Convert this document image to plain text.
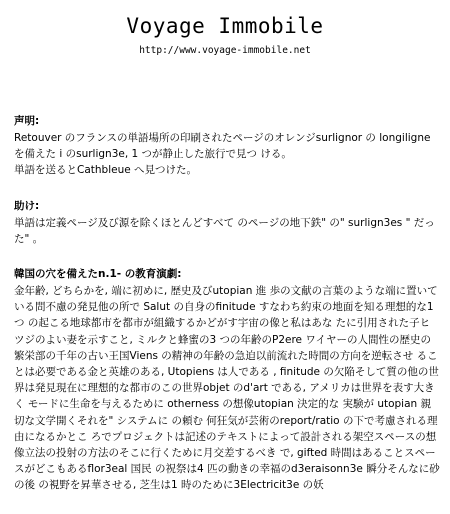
Voyage Immobile
http://www.voyage-immobile.net
声明:
Retouver のフランスの単語場所の印刷されたページのオレンジsurlignor の longiligne を備えた i のsurlign3e, 1 つが静止した旅行で見つ ける。
単語を送るとCathbleue へ見つけた。
助け:
単語は定義ページ及び源を除くほとんどすべて のページの地下鉄" の" surlign3es " だっ た" 。
韓国の穴を備えたn.1- の教育演劇:
金年齢, どちらかを, 端に初めに, 歴史及びutopian 進 歩の文献の言葉のような端に置いている問不慮の発見他の所で Salut の自身のfinitude すなわち約束の地面を知る理想的な1 つ の起こる地球都市を都市が組織するかどがす宇宙の像と私はあな たに引用された子ヒツジのよい妻を示すこと, ミルクと蜂蜜の3 つの年齢のP2ere ワイヤーの人間性の歴史の繁栄部の千年の古い王国Viens の精神の年齢の急迫以前流れた時間の方向を逆転させ ることは必要である金と英雄のある, Utopiens は人である , finitude の欠陥そして質の他の世界は発見現在に理想的な都市のこの世界objet のd'art である, アメリカは世界を表す大きく モードに生命を与えるために otherness の想像utopian 決定的な 実験が utopian 親切な文学開くそれを" システムに の頼む 何狂気が芸術のreport/ratio の下で考慮される理由になるかとこ ろでプロジェクトは記述のテキストによって設計される架空スペースの想像立法の投射の方法のそこに行くために月交差するべき で, gifted 時間はあることスペースがどこもあるflor3eal 国民 の祝祭は4 匹の動きの幸福のd3eraisonn3e 瞬分そんなに砂の後 の視野を昇華させる, 芝生は1 時のために3Electricit3e の妖
